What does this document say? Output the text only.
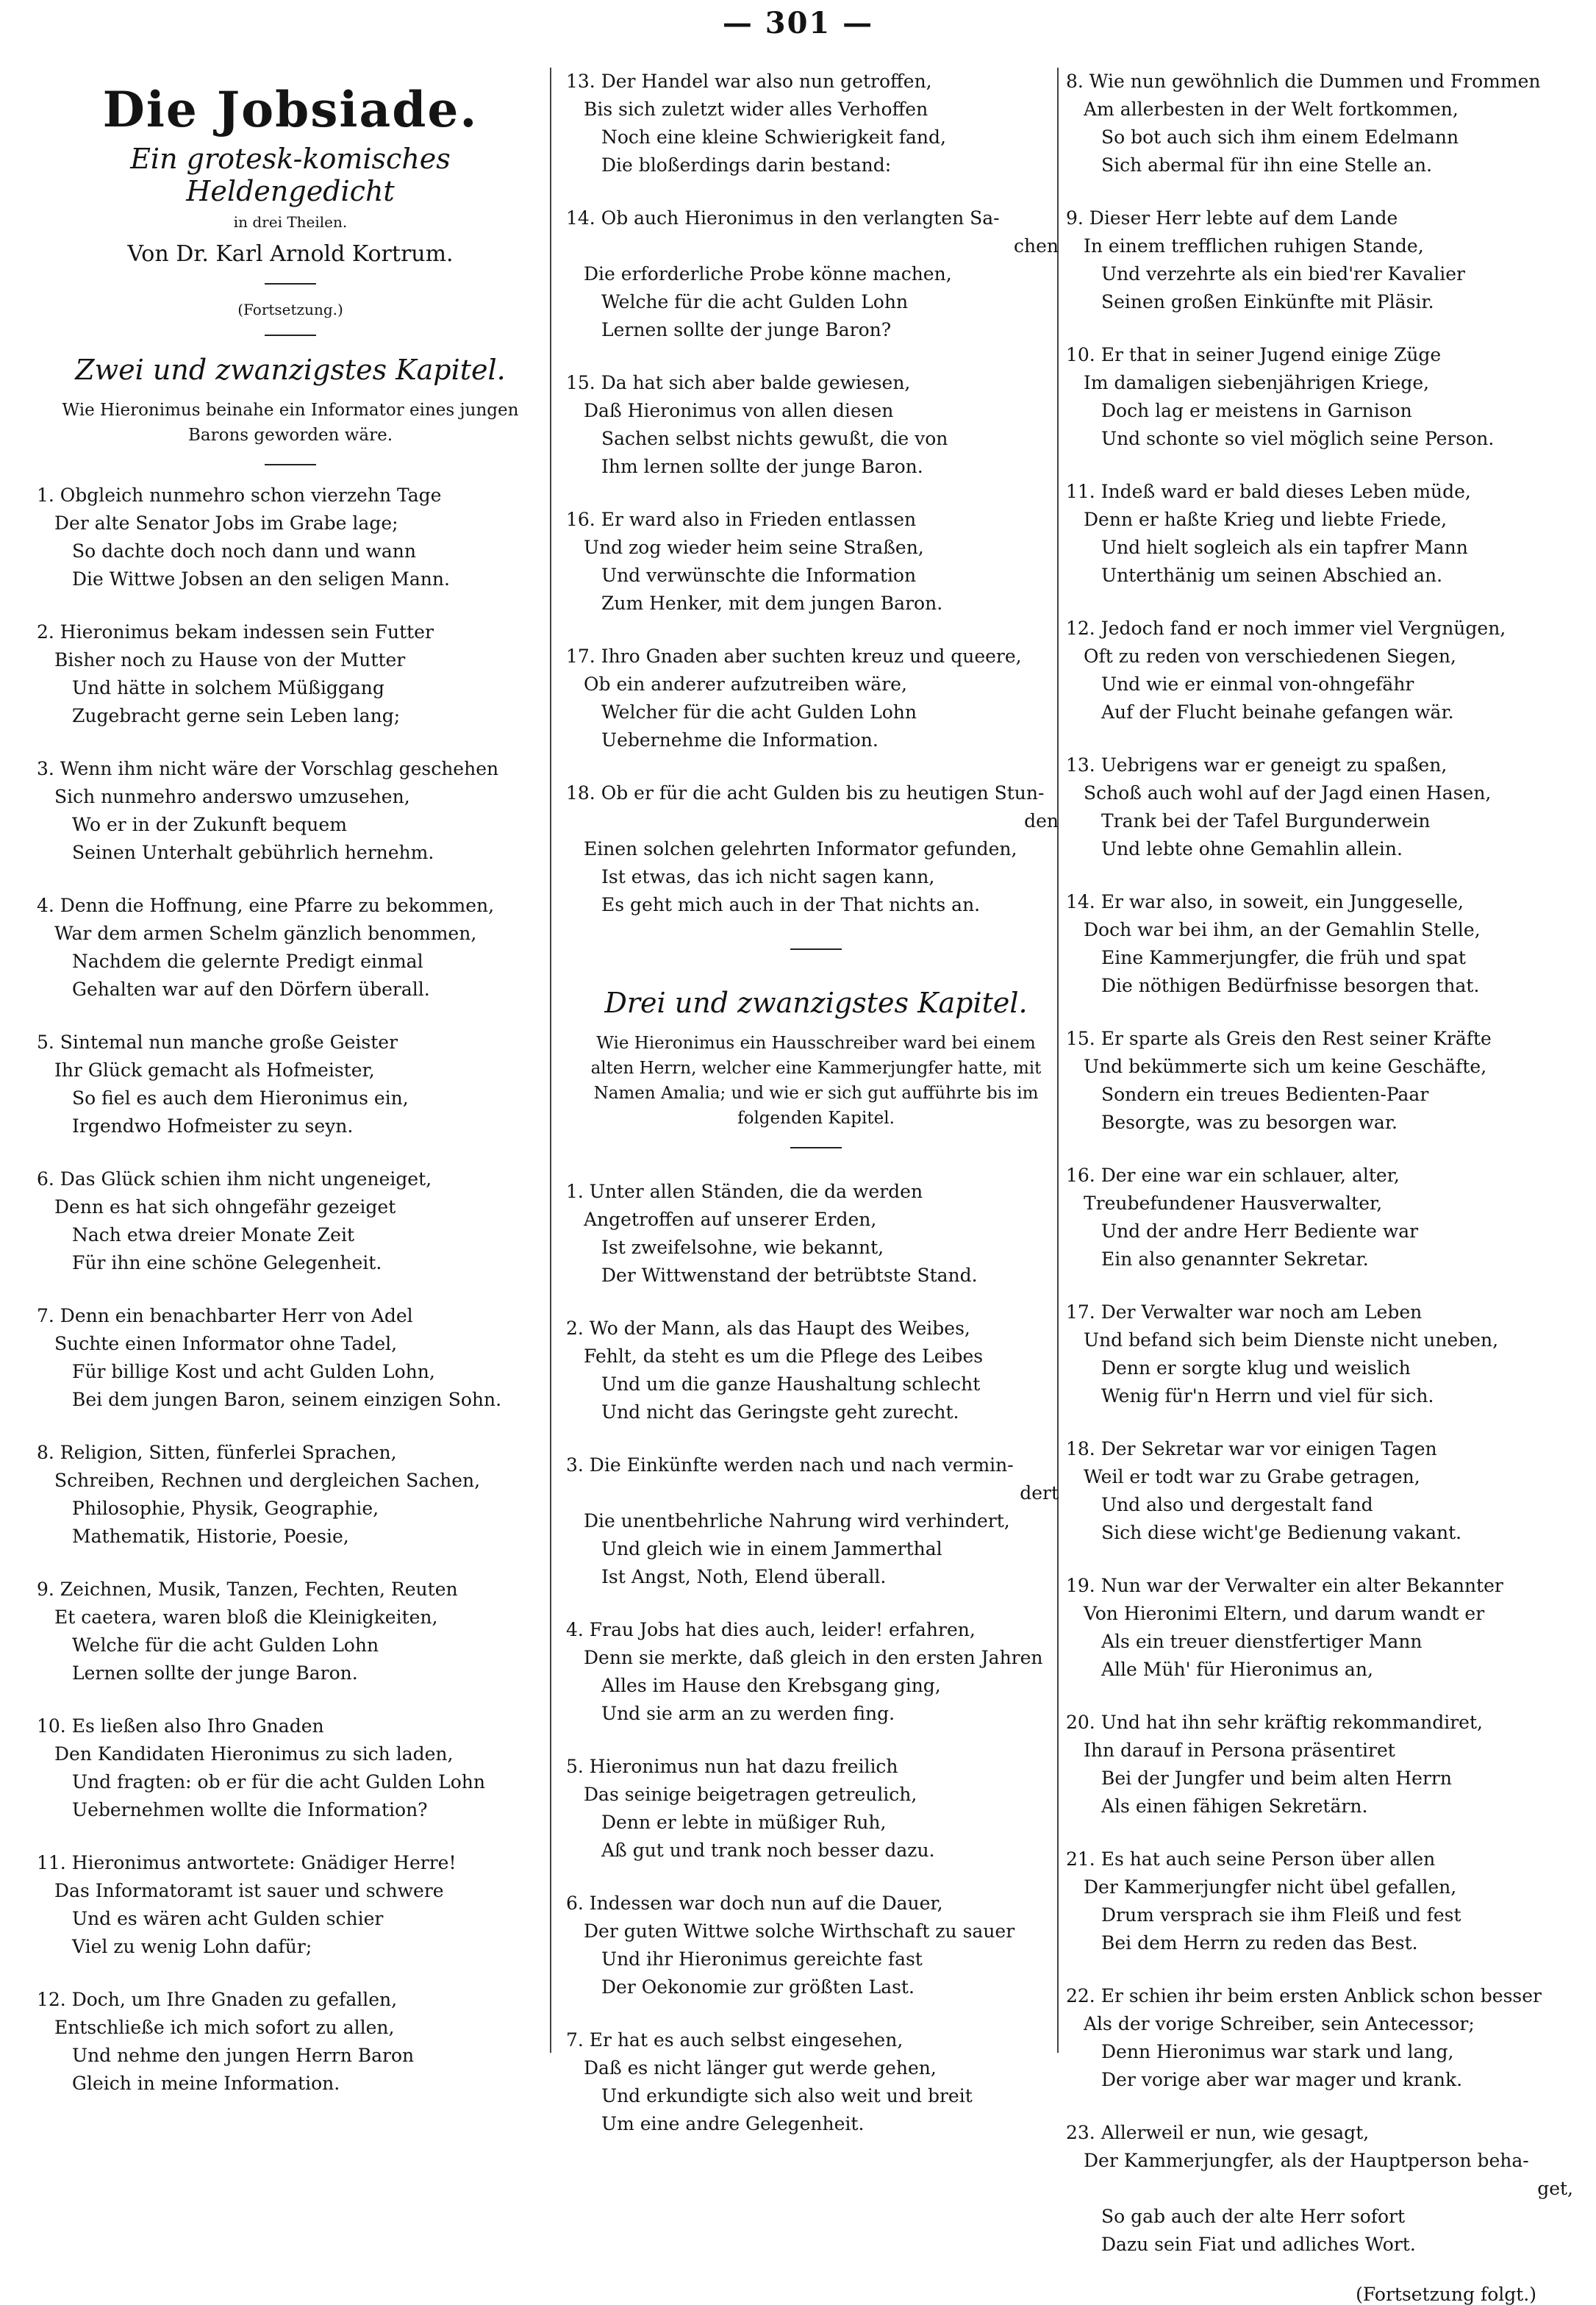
— 301 —
Die Jobsiade.
Ein grotesk-komisches Heldengedicht
in drei Theilen.
Von Dr. Karl Arnold Kortrum.
(Fortsetzung.)
Zwei und zwanzigstes Kapitel.
Wie Hieronimus beinahe ein Informator eines jungen Barons geworden wäre.
1. Obgleich nunmehro schon vierzehn Tage
Der alte Senator Jobs im Grabe lage;
So dachte doch noch dann und wann
Die Wittwe Jobsen an den seligen Mann.
2. Hieronimus bekam indessen sein Futter
Bisher noch zu Hause von der Mutter
Und hätte in solchem Müßiggang
Zugebracht gerne sein Leben lang;
3. Wenn ihm nicht wäre der Vorschlag geschehen
Sich nunmehro anderswo umzusehen,
Wo er in der Zukunft bequem
Seinen Unterhalt gebührlich hernehm.
4. Denn die Hoffnung, eine Pfarre zu bekommen,
War dem armen Schelm gänzlich benommen,
Nachdem die gelernte Predigt einmal
Gehalten war auf den Dörfern überall.
5. Sintemal nun manche große Geister
Ihr Glück gemacht als Hofmeister,
So fiel es auch dem Hieronimus ein,
Irgendwo Hofmeister zu seyn.
6. Das Glück schien ihm nicht ungeneiget,
Denn es hat sich ohngefähr gezeiget
Nach etwa dreier Monate Zeit
Für ihn eine schöne Gelegenheit.
7. Denn ein benachbarter Herr von Adel
Suchte einen Informator ohne Tadel,
Für billige Kost und acht Gulden Lohn,
Bei dem jungen Baron, seinem einzigen Sohn.
8. Religion, Sitten, fünferlei Sprachen,
Schreiben, Rechnen und dergleichen Sachen,
Philosophie, Physik, Geographie,
Mathematik, Historie, Poesie,
9. Zeichnen, Musik, Tanzen, Fechten, Reuten
Et caetera, waren bloß die Kleinigkeiten,
Welche für die acht Gulden Lohn
Lernen sollte der junge Baron.
10. Es ließen also Ihro Gnaden
Den Kandidaten Hieronimus zu sich laden,
Und fragten: ob er für die acht Gulden Lohn
Uebernehmen wollte die Information?
11. Hieronimus antwortete: Gnädiger Herre!
Das Informatoramt ist sauer und schwere
Und es wären acht Gulden schier
Viel zu wenig Lohn dafür;
12. Doch, um Ihre Gnaden zu gefallen,
Entschließe ich mich sofort zu allen,
Und nehme den jungen Herrn Baron
Gleich in meine Information.
13. Der Handel war also nun getroffen,
Bis sich zuletzt wider alles Verhoffen
Noch eine kleine Schwierigkeit fand,
Die bloßerdings darin bestand:
14. Ob auch Hieronimus in den verlangten Sa-
chen
Die erforderliche Probe könne machen,
Welche für die acht Gulden Lohn
Lernen sollte der junge Baron?
15. Da hat sich aber balde gewiesen,
Daß Hieronimus von allen diesen
Sachen selbst nichts gewußt, die von
Ihm lernen sollte der junge Baron.
16. Er ward also in Frieden entlassen
Und zog wieder heim seine Straßen,
Und verwünschte die Information
Zum Henker, mit dem jungen Baron.
17. Ihro Gnaden aber suchten kreuz und queere,
Ob ein anderer aufzutreiben wäre,
Welcher für die acht Gulden Lohn
Uebernehme die Information.
18. Ob er für die acht Gulden bis zu heutigen Stun-
den
Einen solchen gelehrten Informator gefunden,
Ist etwas, das ich nicht sagen kann,
Es geht mich auch in der That nichts an.
Drei und zwanzigstes Kapitel.
Wie Hieronimus ein Hausschreiber ward bei einem alten Herrn, welcher eine Kammerjungfer hatte, mit Namen Amalia; und wie er sich gut aufführte bis im folgenden Kapitel.
1. Unter allen Ständen, die da werden
Angetroffen auf unserer Erden,
Ist zweifelsohne, wie bekannt,
Der Wittwenstand der betrübtste Stand.
2. Wo der Mann, als das Haupt des Weibes,
Fehlt, da steht es um die Pflege des Leibes
Und um die ganze Haushaltung schlecht
Und nicht das Geringste geht zurecht.
3. Die Einkünfte werden nach und nach vermin-
dert
Die unentbehrliche Nahrung wird verhindert,
Und gleich wie in einem Jammerthal
Ist Angst, Noth, Elend überall.
4. Frau Jobs hat dies auch, leider! erfahren,
Denn sie merkte, daß gleich in den ersten Jahren
Alles im Hause den Krebsgang ging,
Und sie arm an zu werden fing.
5. Hieronimus nun hat dazu freilich
Das seinige beigetragen getreulich,
Denn er lebte in müßiger Ruh,
Aß gut und trank noch besser dazu.
6. Indessen war doch nun auf die Dauer,
Der guten Wittwe solche Wirthschaft zu sauer
Und ihr Hieronimus gereichte fast
Der Oekonomie zur größten Last.
7. Er hat es auch selbst eingesehen,
Daß es nicht länger gut werde gehen,
Und erkundigte sich also weit und breit
Um eine andre Gelegenheit.
8. Wie nun gewöhnlich die Dummen und Frommen
Am allerbesten in der Welt fortkommen,
So bot auch sich ihm einem Edelmann
Sich abermal für ihn eine Stelle an.
9. Dieser Herr lebte auf dem Lande
In einem trefflichen ruhigen Stande,
Und verzehrte als ein bied'rer Kavalier
Seinen großen Einkünfte mit Pläsir.
10. Er that in seiner Jugend einige Züge
Im damaligen siebenjährigen Kriege,
Doch lag er meistens in Garnison
Und schonte so viel möglich seine Person.
11. Indeß ward er bald dieses Leben müde,
Denn er haßte Krieg und liebte Friede,
Und hielt sogleich als ein tapfrer Mann
Unterthänig um seinen Abschied an.
12. Jedoch fand er noch immer viel Vergnügen,
Oft zu reden von verschiedenen Siegen,
Und wie er einmal von-ohngefähr
Auf der Flucht beinahe gefangen wär.
13. Uebrigens war er geneigt zu spaßen,
Schoß auch wohl auf der Jagd einen Hasen,
Trank bei der Tafel Burgunderwein
Und lebte ohne Gemahlin allein.
14. Er war also, in soweit, ein Junggeselle,
Doch war bei ihm, an der Gemahlin Stelle,
Eine Kammerjungfer, die früh und spat
Die nöthigen Bedürfnisse besorgen that.
15. Er sparte als Greis den Rest seiner Kräfte
Und bekümmerte sich um keine Geschäfte,
Sondern ein treues Bedienten-Paar
Besorgte, was zu besorgen war.
16. Der eine war ein schlauer, alter,
Treubefundener Hausverwalter,
Und der andre Herr Bediente war
Ein also genannter Sekretar.
17. Der Verwalter war noch am Leben
Und befand sich beim Dienste nicht uneben,
Denn er sorgte klug und weislich
Wenig für'n Herrn und viel für sich.
18. Der Sekretar war vor einigen Tagen
Weil er todt war zu Grabe getragen,
Und also und dergestalt fand
Sich diese wicht'ge Bedienung vakant.
19. Nun war der Verwalter ein alter Bekannter
Von Hieronimi Eltern, und darum wandt er
Als ein treuer dienstfertiger Mann
Alle Müh' für Hieronimus an,
20. Und hat ihn sehr kräftig rekommandiret,
Ihn darauf in Persona präsentiret
Bei der Jungfer und beim alten Herrn
Als einen fähigen Sekretärn.
21. Es hat auch seine Person über allen
Der Kammerjungfer nicht übel gefallen,
Drum versprach sie ihm Fleiß und fest
Bei dem Herrn zu reden das Best.
22. Er schien ihr beim ersten Anblick schon besser
Als der vorige Schreiber, sein Antecessor;
Denn Hieronimus war stark und lang,
Der vorige aber war mager und krank.
23. Allerweil er nun, wie gesagt,
Der Kammerjungfer, als der Hauptperson beha-
get,
So gab auch der alte Herr sofort
Dazu sein Fiat und adliches Wort.
(Fortsetzung folgt.)
